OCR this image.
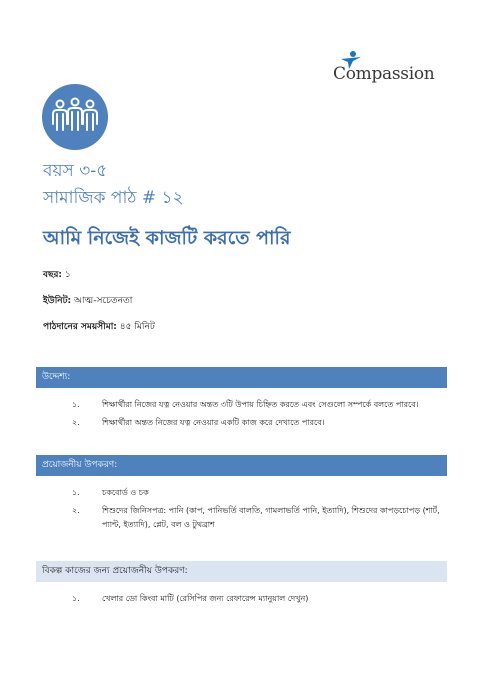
Compassion
বয়স ৩-৫
সামাজিক পাঠ # ১২
আমি নিজেই কাজটি করতে পারি
বছর: ১
ইউনিট: আত্ম-সচেতনতা
পাঠদানের সময়সীমা: ৪৫ মিনিট
উদ্দেশ্য:
১.	শিক্ষার্থীরা নিজের যত্ন নেওয়ার অন্তত ৩টি উপায় চিহ্নিত করতে এবং সেগুলো সম্পর্কে বলতে পারবে।
২.	শিক্ষার্থীরা অন্তত নিজের যত্ন নেওয়ার একটি কাজ করে দেখাতে পারবে।
প্রয়োজনীয় উপকরণ:
১.	চকবোর্ড ও চক
২.	শিশুদের জিনিসপত্র: পানি (কাপ, পানিভর্তি বালতি, গামলাভর্তি পানি, ইত্যাদি), শিশুদের কাপড়চোপড় (শার্ট, প্যান্ট, ইত্যাদি), প্লেট, বল ও টুথব্রাশ
বিকল্প কাজের জন্য প্রয়োজনীয় উপকরণ:
১.	খেলার ডো কিংবা মাটি (রেসিপির জন্য রেফারেন্স ম্যানুয়াল দেখুন)
